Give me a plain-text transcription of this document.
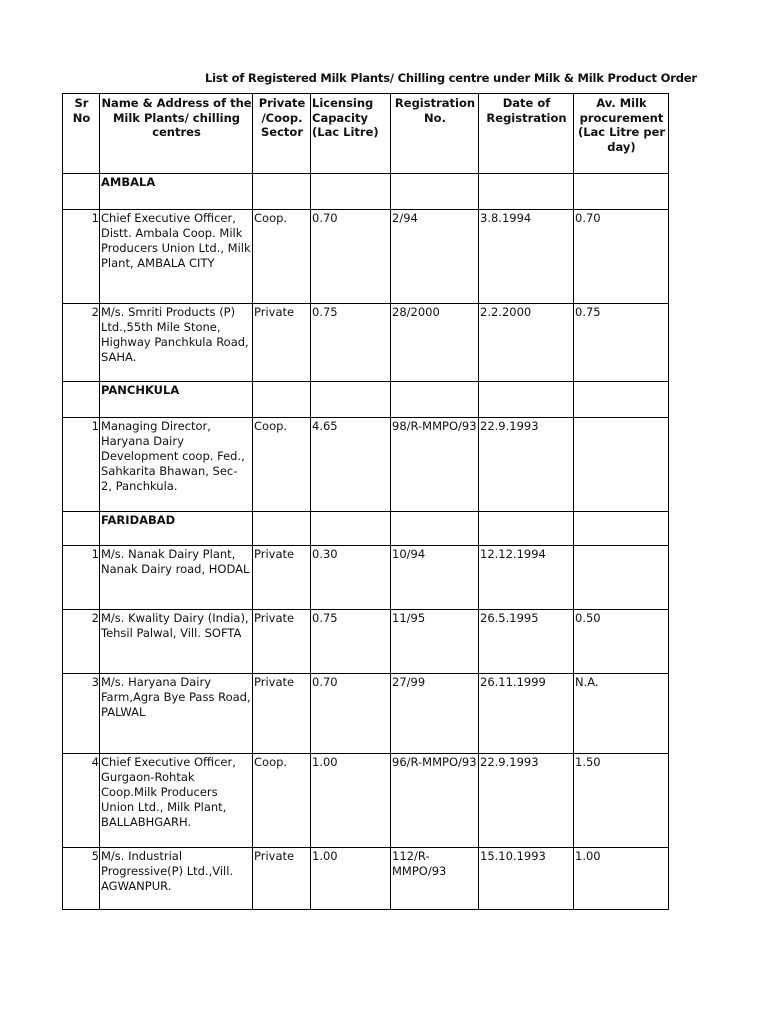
List of Registered Milk Plants/ Chilling centre under Milk & Milk Product Order
Sr No	Name & Address of the Milk Plants/ chilling centres	Private /Coop. Sector	Licensing Capacity (Lac Litre)	Registration No.	Date of Registration	Av. Milk procurement (Lac Litre per day)
	AMBALA					
1	Chief Executive Officer, Distt. Ambala Coop. Milk Producers Union Ltd., Milk Plant, AMBALA CITY	Coop.	0.70	2/94	3.8.1994	0.70
2	M/s. Smriti Products (P) Ltd.,55th Mile Stone, Highway Panchkula Road, SAHA.	Private	0.75	28/2000	2.2.2000	0.75
	PANCHKULA					
1	Managing Director, Haryana Dairy Development coop. Fed., Sahkarita Bhawan, Sec- 2, Panchkula.	Coop.	4.65	98/R-MMPO/93	22.9.1993	
	FARIDABAD					
1	M/s. Nanak Dairy Plant, Nanak Dairy road, HODAL	Private	0.30	10/94	12.12.1994	
2	M/s. Kwality Dairy (India), Tehsil Palwal, Vill. SOFTA	Private	0.75	11/95	26.5.1995	0.50
3	M/s. Haryana Dairy Farm,Agra Bye Pass Road, PALWAL	Private	0.70	27/99	26.11.1999	N.A.
4	Chief Executive Officer, Gurgaon-Rohtak Coop.Milk Producers Union Ltd., Milk Plant, BALLABHGARH.	Coop.	1.00	96/R-MMPO/93	22.9.1993	1.50
5	M/s. Industrial Progressive(P) Ltd.,Vill. AGWANPUR.	Private	1.00	112/R-MMPO/93	15.10.1993	1.00
